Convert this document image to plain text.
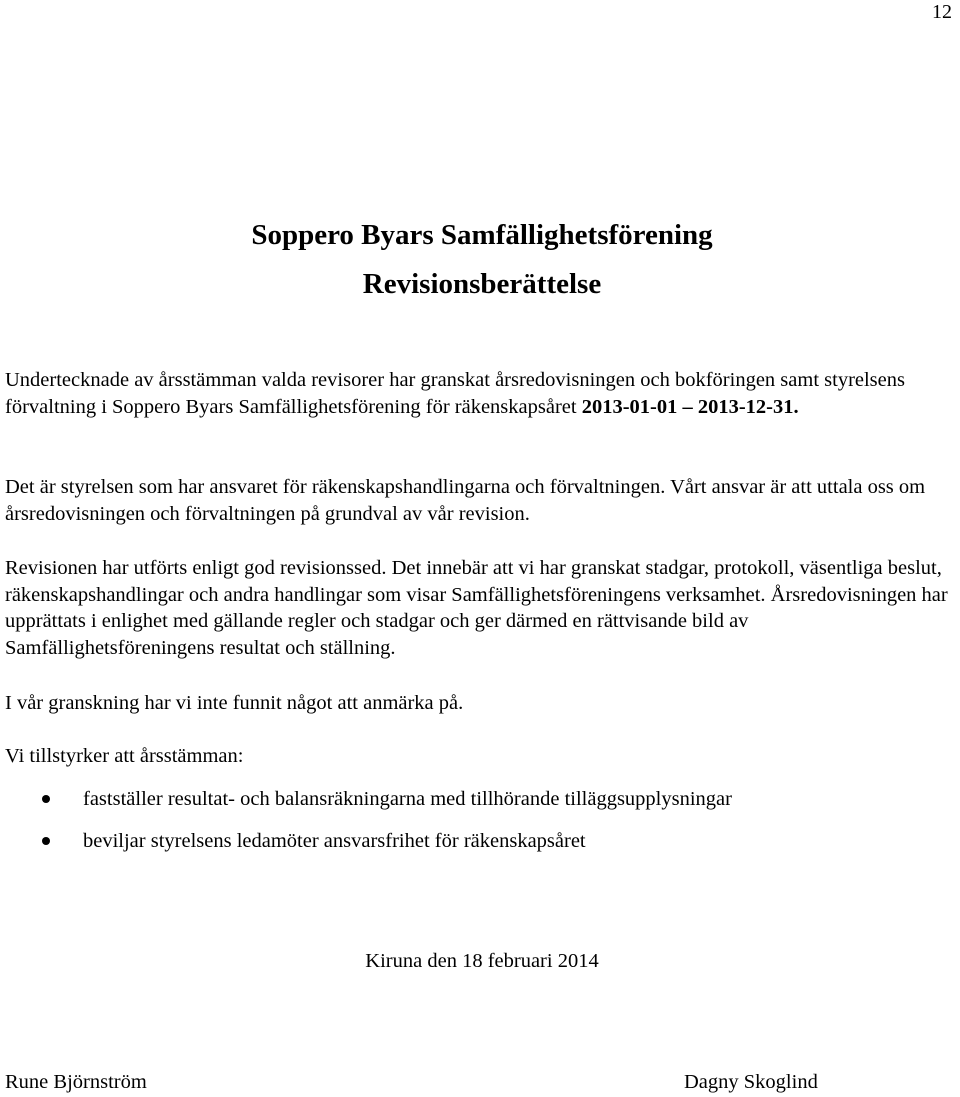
12
Soppero Byars Samfällighetsförening
Revisionsberättelse

Undertecknade av årsstämman valda revisorer har granskat årsredovisningen och bokföringen samt styrelsens förvaltning i Soppero Byars Samfällighetsförening för räkenskapsåret 2013-01-01 – 2013-12-31.

Det är styrelsen som har ansvaret för räkenskapshandlingarna och förvaltningen. Vårt ansvar är att uttala oss om årsredovisningen och förvaltningen på grundval av vår revision.

Revisionen har utförts enligt god revisionssed. Det innebär att vi har granskat stadgar, protokoll, väsentliga beslut, räkenskapshandlingar och andra handlingar som visar Samfällighetsföreningens verksamhet. Årsredovisningen har upprättats i enlighet med gällande regler och stadgar och ger därmed en rättvisande bild av Samfällighetsföreningens resultat och ställning.

I vår granskning har vi inte funnit något att anmärka på.

Vi tillstyrker att årsstämman:

fastställer resultat- och balansräkningarna med tillhörande tilläggsupplysningar
beviljar styrelsens ledamöter ansvarsfrihet för räkenskapsåret
Kiruna den 18 februari 2014
Rune Björnström	Dagny Skoglind
